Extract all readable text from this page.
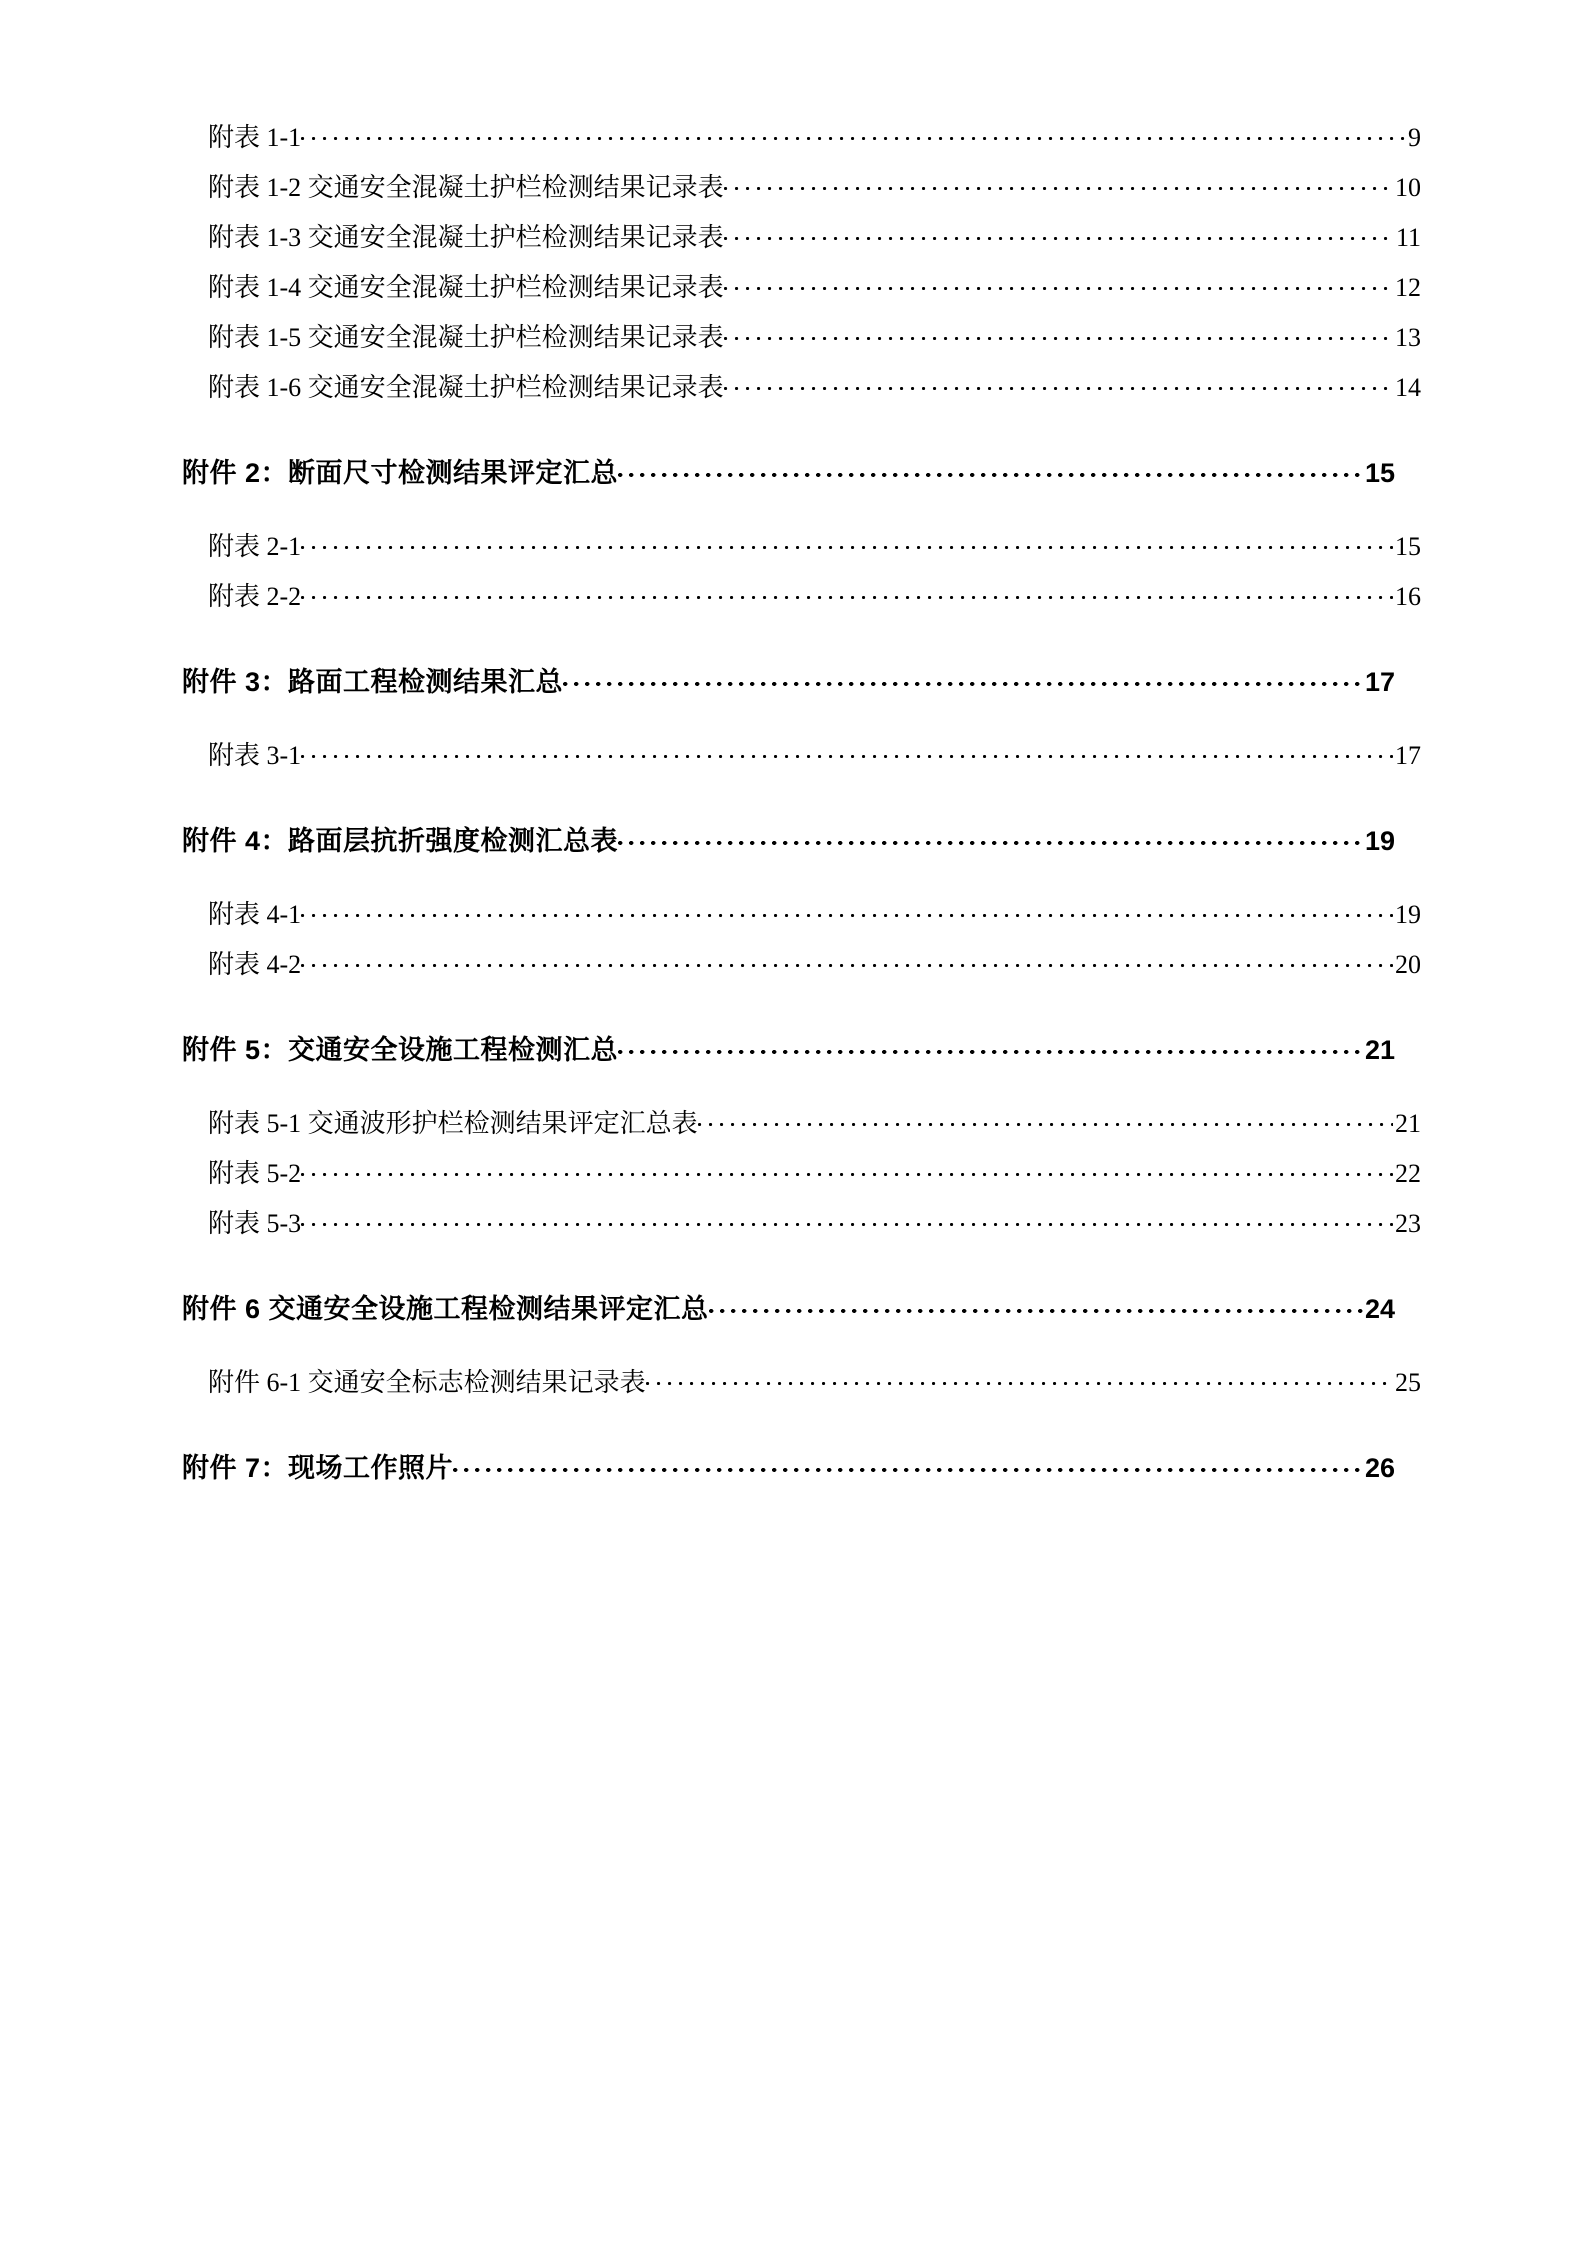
附表 1-1	9
附表 1-2 交通安全混凝土护栏检测结果记录表	10
附表 1-3 交通安全混凝土护栏检测结果记录表	11
附表 1-4 交通安全混凝土护栏检测结果记录表	12
附表 1-5 交通安全混凝土护栏检测结果记录表	13
附表 1-6 交通安全混凝土护栏检测结果记录表	14
附件 2：断面尺寸检测结果评定汇总	15
附表 2-1	15
附表 2-2	16
附件 3：路面工程检测结果汇总	17
附表 3-1	17
附件 4：路面层抗折强度检测汇总表	19
附表 4-1	19
附表 4-2	20
附件 5：交通安全设施工程检测汇总	21
附表 5-1 交通波形护栏检测结果评定汇总表	21
附表 5-2	22
附表 5-3	23
附件 6 交通安全设施工程检测结果评定汇总	24
附件 6-1 交通安全标志检测结果记录表	25
附件 7：现场工作照片	26
